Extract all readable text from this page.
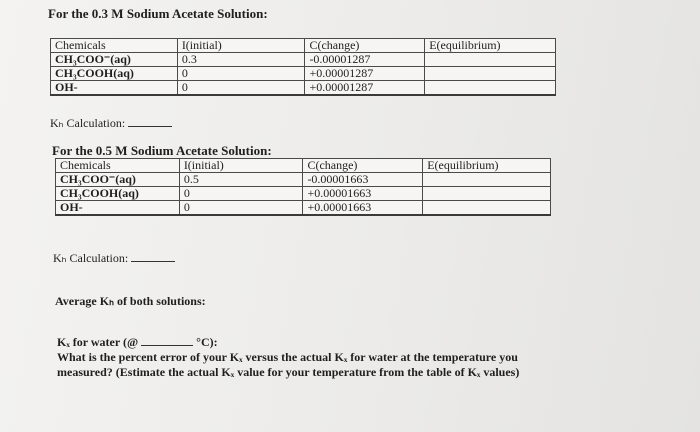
For the 0.3 M Sodium Acetate Solution:
Chemicals	I(initial)	C(change)	E(equilibrium)
CH₃COO⁻(aq)	0.3	-0.00001287	
CH₃COOH(aq)	0	+0.00001287	
OH-	0	+0.00001287	
Kₕ Calculation:
For the 0.5 M Sodium Acetate Solution:
Chemicals	I(initial)	C(change)	E(equilibrium)
CH₃COO⁻(aq)	0.5	-0.00001663	
CH₃COOH(aq)	0	+0.00001663	
OH-	0	+0.00001663	
Kₕ Calculation:
Average Kₕ of both solutions:
Kₓ for water (@	°C):
What is the percent error of your Kₓ versus the actual Kₓ for water at the temperature you measured? (Estimate the actual Kₓ value for your temperature from the table of Kₓ values)
